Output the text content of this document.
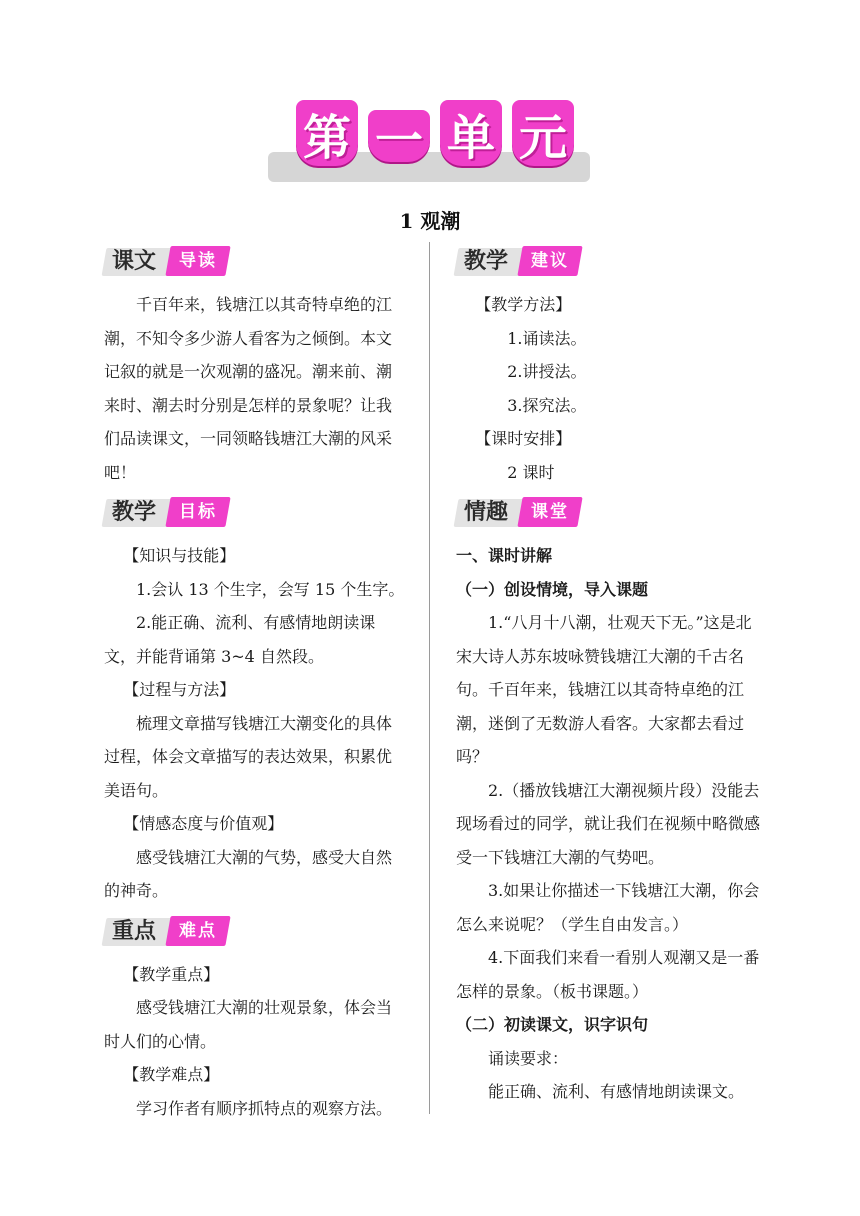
第 一 单 元
1 观潮
课文	导读

千百年来，钱塘江以其奇特卓绝的江潮，不知令多少游人看客为之倾倒。本文记叙的就是一次观潮的盛况。潮来前、潮来时、潮去时分别是怎样的景象呢？让我们品读课文，一同领略钱塘江大潮的风采吧！

教学	目标

【知识与技能】

1.会认 13 个生字，会写 15 个生字。

2.能正确、流利、有感情地朗读课文，并能背诵第 3~4 自然段。

【过程与方法】

梳理文章描写钱塘江大潮变化的具体过程，体会文章描写的表达效果，积累优美语句。

【情感态度与价值观】

感受钱塘江大潮的气势，感受大自然的神奇。

重点	难点

【教学重点】

感受钱塘江大潮的壮观景象，体会当时人们的心情。

【教学难点】

学习作者有顺序抓特点的观察方法。

教学	建议

【教学方法】

1.诵读法。

2.讲授法。

3.探究法。

【课时安排】

2 课时

情趣	课堂

一、课时讲解

（一）创设情境，导入课题

1.“八月十八潮，壮观天下无。”这是北宋大诗人苏东坡咏赞钱塘江大潮的千古名句。千百年来，钱塘江以其奇特卓绝的江潮，迷倒了无数游人看客。大家都去看过吗？

2.（播放钱塘江大潮视频片段）没能去现场看过的同学，就让我们在视频中略微感受一下钱塘江大潮的气势吧。

3.如果让你描述一下钱塘江大潮，你会怎么来说呢？（学生自由发言。）

4.下面我们来看一看别人观潮又是一番怎样的景象。（板书课题。）

（二）初读课文，识字识句

诵读要求：

能正确、流利、有感情地朗读课文。
